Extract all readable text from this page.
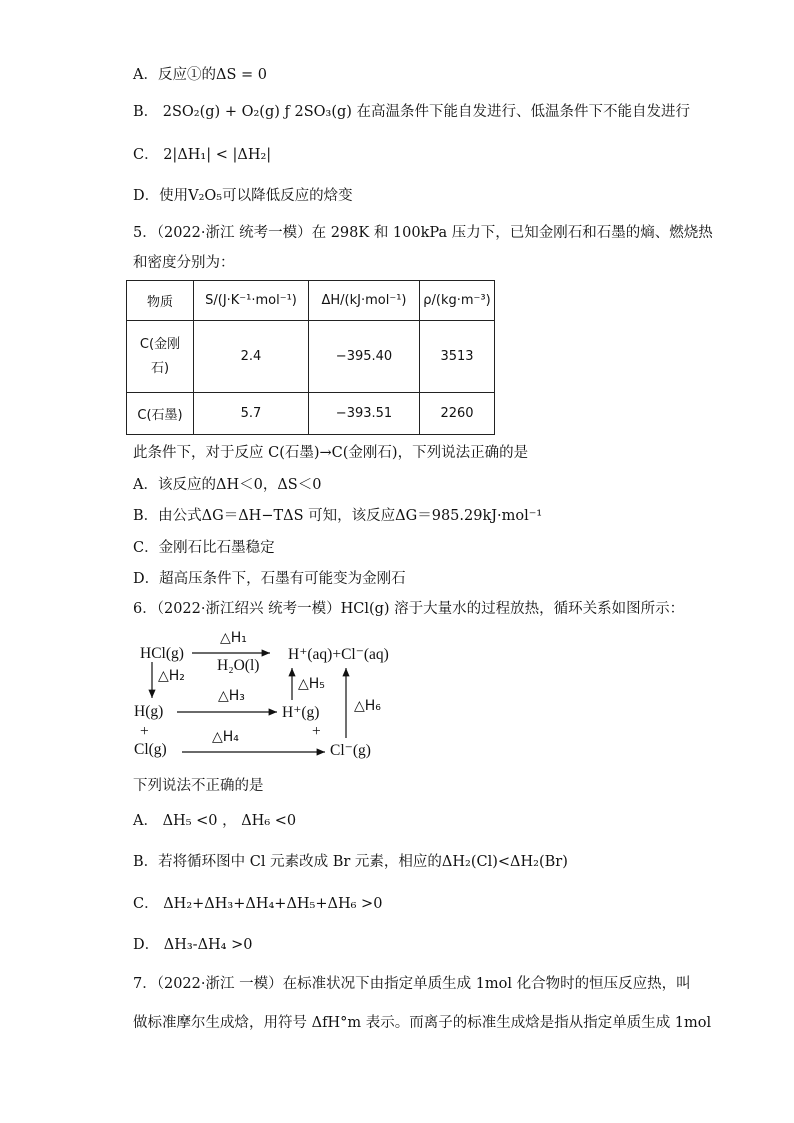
A．反应①的ΔS = 0
B． 2SO₂(g) + O₂(g) ƒ 2SO₃(g) 在高温条件下能自发进行、低温条件下不能自发进行
C． 2|ΔH₁| < |ΔH₂|
D．使用V₂O₅可以降低反应的焓变
5．（2022·浙江 统考一模）在 298K 和 100kPa 压力下，已知金刚石和石墨的熵、燃烧热
和密度分别为：
物质	S/(J·K⁻¹·mol⁻¹)	ΔH/(kJ·mol⁻¹)	ρ/(kg·m⁻³)

C(金刚
石)	2.4	−395.40	3513
C(石墨)	5.7	−393.51	2260
此条件下，对于反应 C(石墨)→C(金刚石)，下列说法正确的是
A．该反应的ΔH＜0，ΔS＜0
B．由公式ΔG＝ΔH−TΔS 可知，该反应ΔG＝985.29kJ·mol⁻¹
C．金刚石比石墨稳定
D．超高压条件下，石墨有可能变为金刚石
6．（2022·浙江绍兴 统考一模）HCl(g) 溶于大量水的过程放热，循环关系如图所示：
HCl(g)
△H₁
H₂O(l)
H⁺(aq)+Cl⁻(aq)
△H₂
△H₃
△H₅
△H₆
H(g)	H⁺(g)
+	+
Cl(g)
△H₄
Cl⁻(g)
下列说法不正确的是
A． ΔH₅ <0 ， ΔH₆ <0
B．若将循环图中 Cl 元素改成 Br 元素，相应的ΔH₂(Cl)<ΔH₂(Br)
C． ΔH₂+ΔH₃+ΔH₄+ΔH₅+ΔH₆ >0
D． ΔH₃-ΔH₄ >0
7．（2022·浙江 一模）在标准状况下由指定单质生成 1mol 化合物时的恒压反应热，叫
做标准摩尔生成焓，用符号 ΔfH°m 表示。而离子的标准生成焓是指从指定单质生成 1mol
